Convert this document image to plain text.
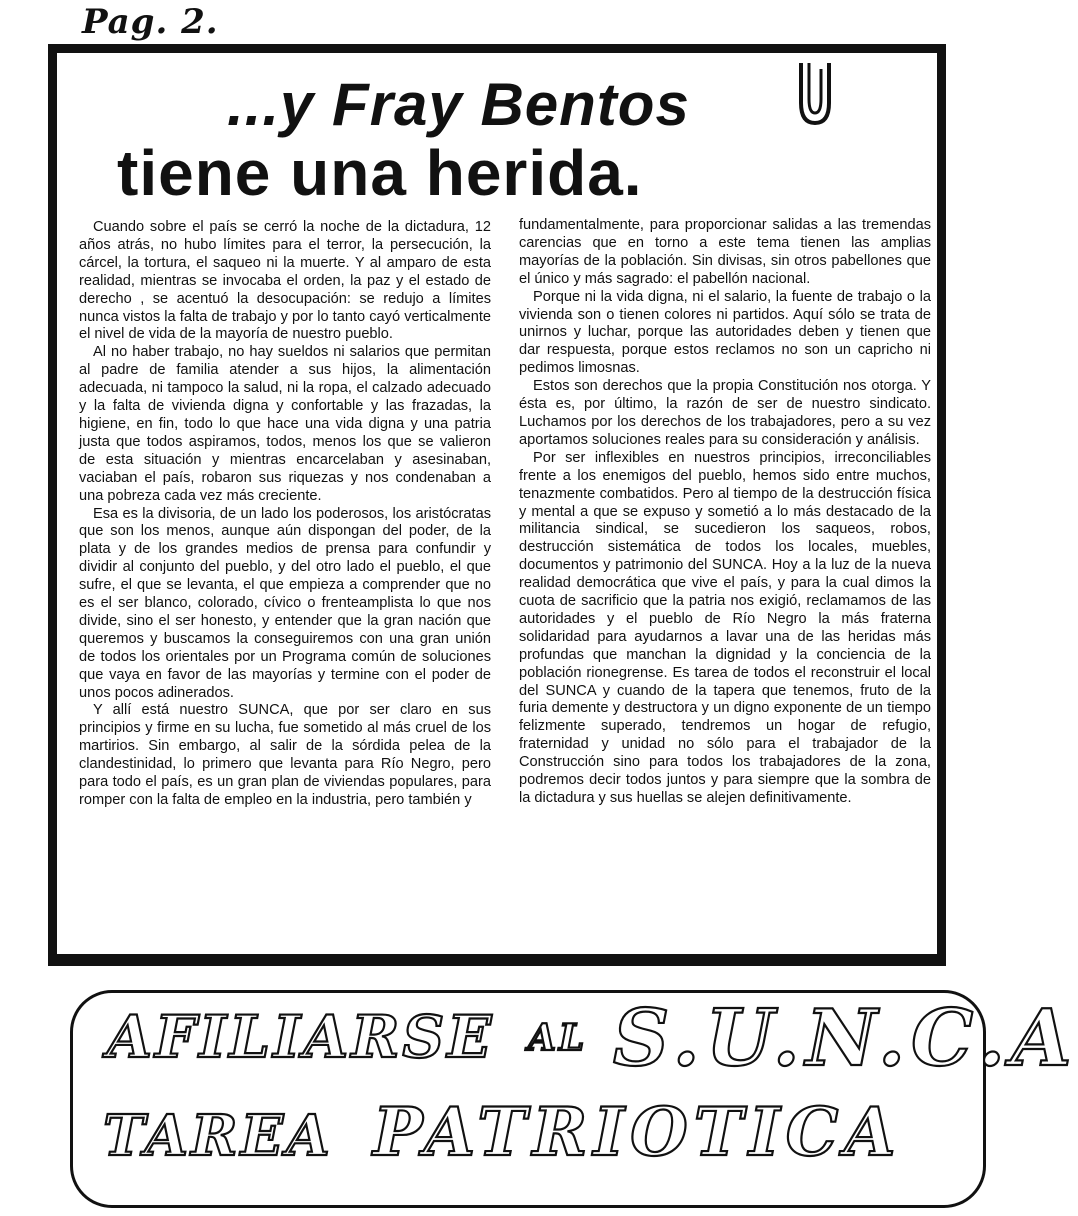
Pag. 2.
...y Fray Bentos
tiene una herida.

Cuando sobre el país se cerró la noche de la dictadura, 12 años atrás, no hubo límites para el terror, la persecución, la cárcel, la tortura, el saqueo ni la muerte. Y al amparo de esta realidad, mientras se invocaba el orden, la paz y el estado de derecho , se acentuó la desocupación: se redujo a límites nunca vistos la falta de trabajo y por lo tanto cayó verticalmente el nivel de vida de la mayoría de nuestro pueblo.

Al no haber trabajo, no hay sueldos ni salarios que permitan al padre de familia atender a sus hijos, la alimentación adecuada, ni tampoco la salud, ni la ropa, el calzado adecuado y la falta de vivienda digna y confortable y las frazadas, la higiene, en fin, todo lo que hace una vida digna y una patria justa que todos aspiramos, todos, menos los que se valieron de esta situación y mientras encarcelaban y asesinaban, vaciaban el país, robaron sus riquezas y nos condenaban a una pobreza cada vez más creciente.

Esa es la divisoria, de un lado los poderosos, los aristócratas que son los menos, aunque aún dispongan del poder, de la plata y de los grandes medios de prensa para confundir y dividir al conjunto del pueblo, y del otro lado el pueblo, el que sufre, el que se levanta, el que empieza a comprender que no es el ser blanco, colorado, cívico o frenteamplista lo que nos divide, sino el ser honesto, y entender que la gran nación que queremos y buscamos la conseguiremos con una gran unión de todos los orientales por un Programa común de soluciones que vaya en favor de las mayorías y termine con el poder de unos pocos adinerados.

Y allí está nuestro SUNCA, que por ser claro en sus principios y firme en su lucha, fue sometido al más cruel de los martirios. Sin embargo, al salir de la sórdida pelea de la clandestinidad, lo primero que levanta para Río Negro, pero para todo el país, es un gran plan de viviendas populares, para romper con la falta de empleo en la industria, pero también y

fundamentalmente, para proporcionar salidas a las tremendas carencias que en torno a este tema tienen las amplias mayorías de la población. Sin divisas, sin otros pabellones que el único y más sagrado: el pabellón nacional.

Porque ni la vida digna, ni el salario, la fuente de trabajo o la vivienda son o tienen colores ni partidos. Aquí sólo se trata de unirnos y luchar, porque las autoridades deben y tienen que dar respuesta, porque estos reclamos no son un capricho ni pedimos limosnas.

Estos son derechos que la propia Constitución nos otorga. Y ésta es, por último, la razón de ser de nuestro sindicato. Luchamos por los derechos de los trabajadores, pero a su vez aportamos soluciones reales para su consideración y análisis.

Por ser inflexibles en nuestros principios, irreconciliables frente a los enemigos del pueblo, hemos sido entre muchos, tenazmente combatidos. Pero al tiempo de la destrucción física y mental a que se expuso y sometió a lo más destacado de la militancia sindical, se sucedieron los saqueos, robos, destrucción sistemática de todos los locales, muebles, documentos y patrimonio del SUNCA. Hoy a la luz de la nueva realidad democrática que vive el país, y para la cual dimos la cuota de sacrificio que la patria nos exigió, reclamamos de las autoridades y el pueblo de Río Negro la más fraterna solidaridad para ayudarnos a lavar una de las heridas más profundas que manchan la dignidad y la conciencia de la población rionegrense. Es tarea de todos el reconstruir el local del SUNCA y cuando de la tapera que tenemos, fruto de la furia demente y destructora y un digno exponente de un tiempo felizmente superado, tendremos un hogar de refugio, fraternidad y unidad no sólo para el trabajador de la Construcción sino para todos los trabajadores de la zona, podremos decir todos juntos y para siempre que la sombra de la dictadura y sus huellas se alejen definitivamente.

AFILIARSE AL S.U.N.C.A
TAREA PATRIOTICA
